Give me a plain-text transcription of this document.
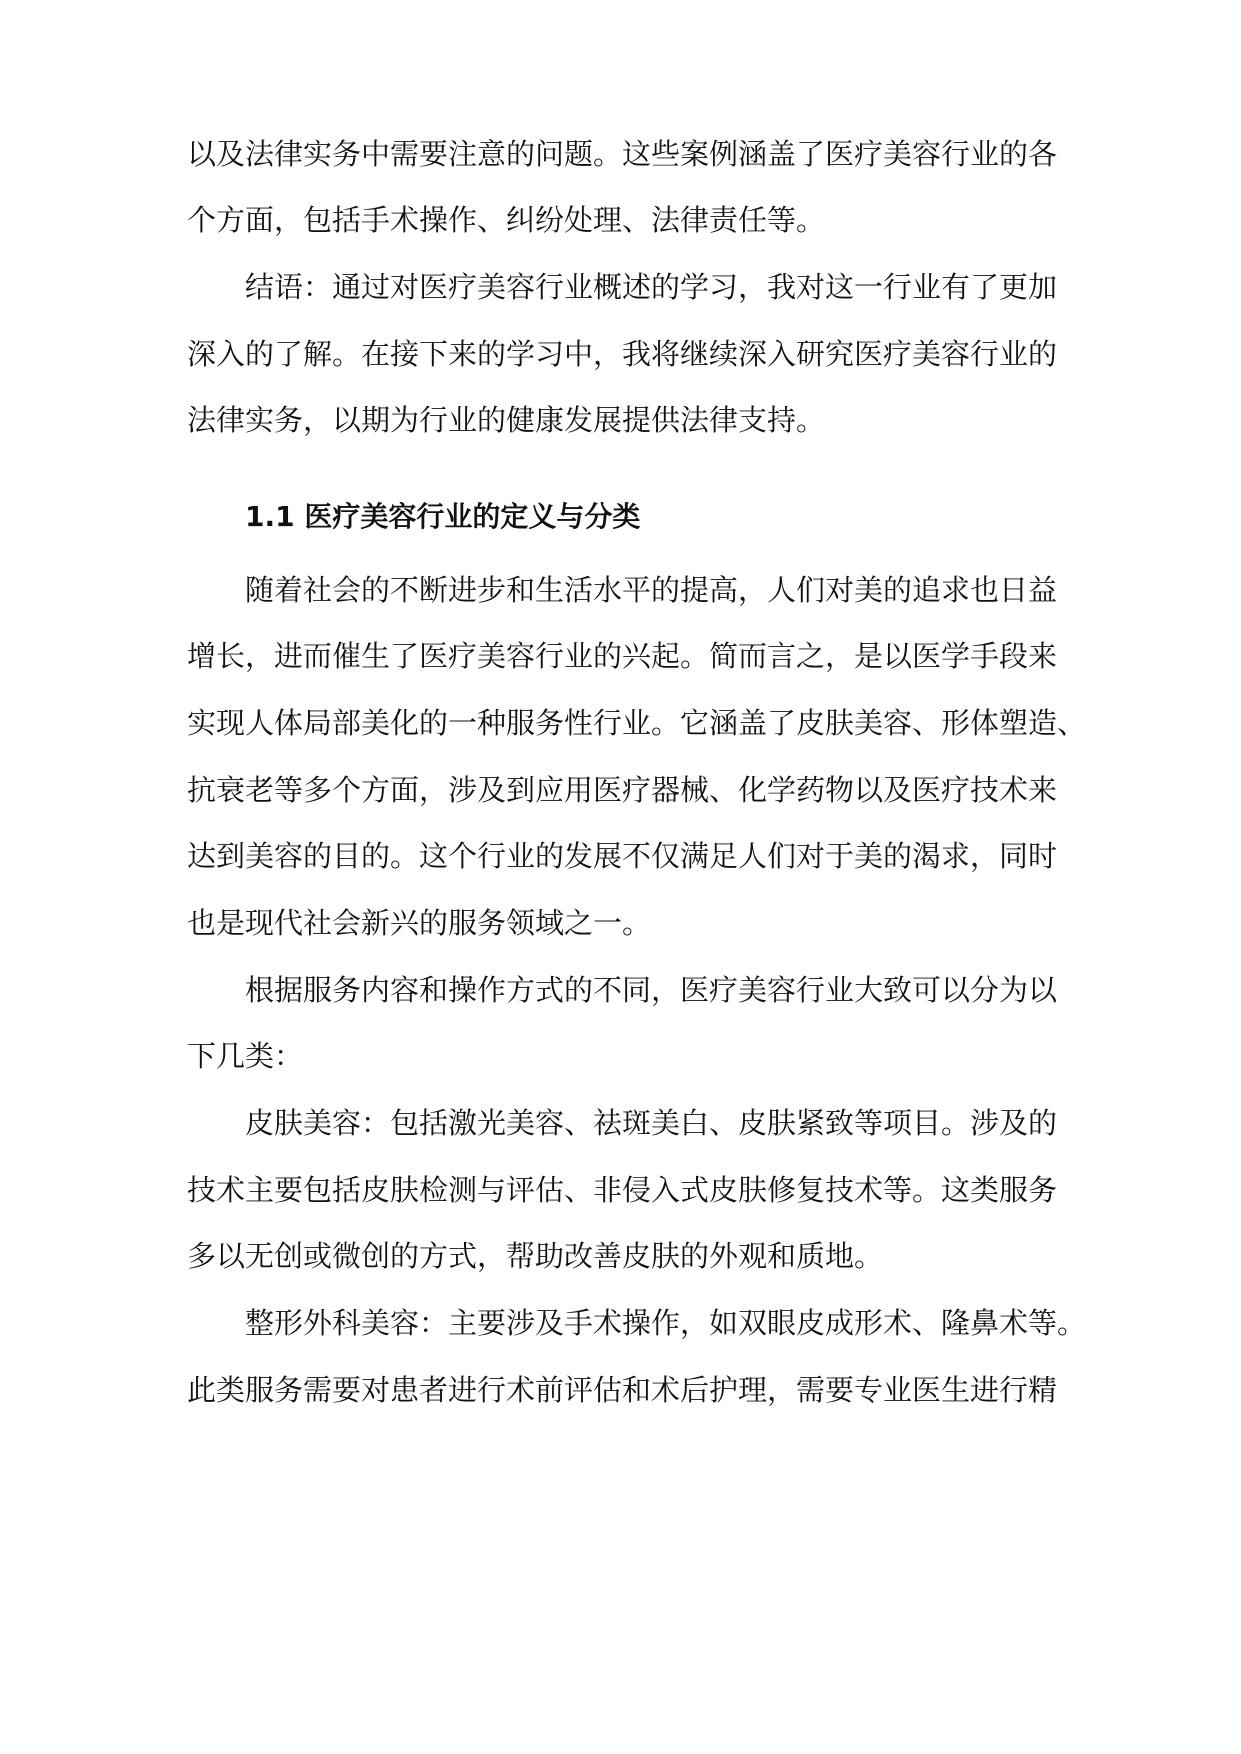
以及法律实务中需要注意的问题。这些案例涵盖了医疗美容行业的各
个方面，包括手术操作、纠纷处理、法律责任等。
结语：通过对医疗美容行业概述的学习，我对这一行业有了更加
深入的了解。在接下来的学习中，我将继续深入研究医疗美容行业的
法律实务，以期为行业的健康发展提供法律支持。
1.1 医疗美容行业的定义与分类
随着社会的不断进步和生活水平的提高，人们对美的追求也日益
增长，进而催生了医疗美容行业的兴起。简而言之，是以医学手段来
实现人体局部美化的一种服务性行业。它涵盖了皮肤美容、形体塑造、
抗衰老等多个方面，涉及到应用医疗器械、化学药物以及医疗技术来
达到美容的目的。这个行业的发展不仅满足人们对于美的渴求，同时
也是现代社会新兴的服务领域之一。
根据服务内容和操作方式的不同，医疗美容行业大致可以分为以
下几类：
皮肤美容：包括激光美容、祛斑美白、皮肤紧致等项目。涉及的
技术主要包括皮肤检测与评估、非侵入式皮肤修复技术等。这类服务
多以无创或微创的方式，帮助改善皮肤的外观和质地。
整形外科美容：主要涉及手术操作，如双眼皮成形术、隆鼻术等。
此类服务需要对患者进行术前评估和术后护理，需要专业医生进行精
